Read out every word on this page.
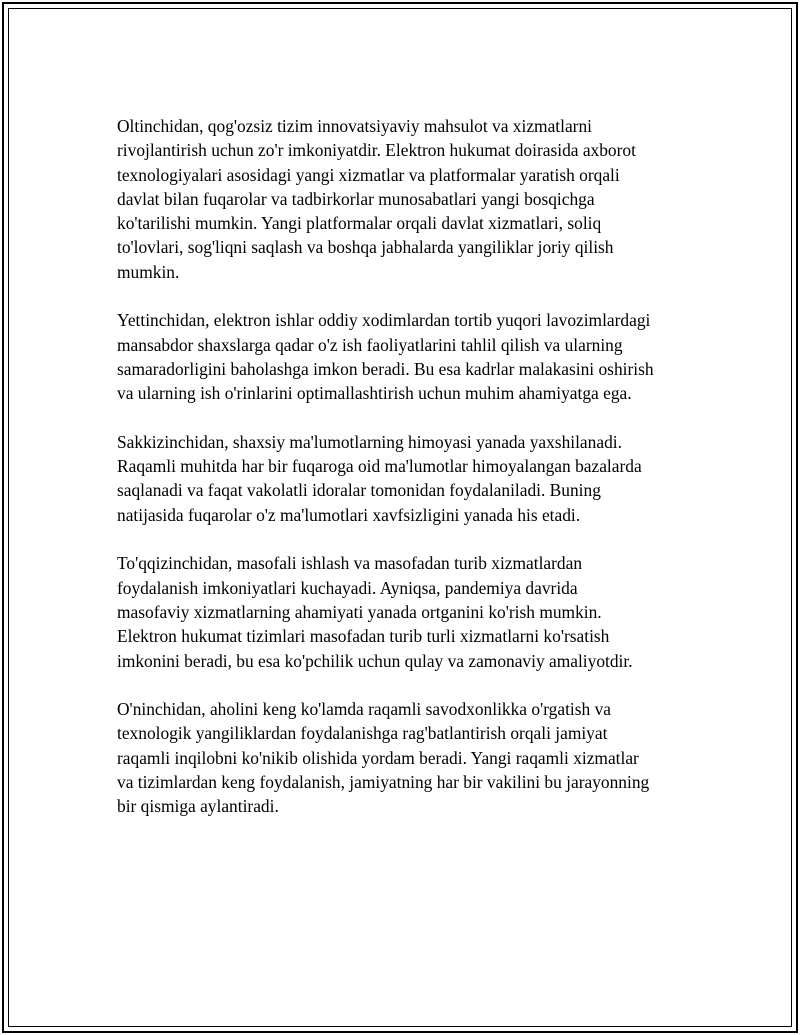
Oltinchidan, qog'ozsiz tizim innovatsiyaviy mahsulot va xizmatlarni
rivojlantirish uchun zo'r imkoniyatdir. Elektron hukumat doirasida axborot
texnologiyalari asosidagi yangi xizmatlar va platformalar yaratish orqali
davlat bilan fuqarolar va tadbirkorlar munosabatlari yangi bosqichga
ko'tarilishi mumkin. Yangi platformalar orqali davlat xizmatlari, soliq
to'lovlari, sog'liqni saqlash va boshqa jabhalarda yangiliklar joriy qilish
mumkin.

Yettinchidan, elektron ishlar oddiy xodimlardan tortib yuqori lavozimlardagi
mansabdor shaxslarga qadar o'z ish faoliyatlarini tahlil qilish va ularning
samaradorligini baholashga imkon beradi. Bu esa kadrlar malakasini oshirish
va ularning ish o'rinlarini optimallashtirish uchun muhim ahamiyatga ega.

Sakkizinchidan, shaxsiy ma'lumotlarning himoyasi yanada yaxshilanadi.
Raqamli muhitda har bir fuqaroga oid ma'lumotlar himoyalangan bazalarda
saqlanadi va faqat vakolatli idoralar tomonidan foydalaniladi. Buning
natijasida fuqarolar o'z ma'lumotlari xavfsizligini yanada his etadi.

To'qqizinchidan, masofali ishlash va masofadan turib xizmatlardan
foydalanish imkoniyatlari kuchayadi. Ayniqsa, pandemiya davrida
masofaviy xizmatlarning ahamiyati yanada ortganini ko'rish mumkin.
Elektron hukumat tizimlari masofadan turib turli xizmatlarni ko'rsatish
imkonini beradi, bu esa ko'pchilik uchun qulay va zamonaviy amaliyotdir.

O'ninchidan, aholini keng ko'lamda raqamli savodxonlikka o'rgatish va
texnologik yangiliklardan foydalanishga rag'batlantirish orqali jamiyat
raqamli inqilobni ko'nikib olishida yordam beradi. Yangi raqamli xizmatlar
va tizimlardan keng foydalanish, jamiyatning har bir vakilini bu jarayonning
bir qismiga aylantiradi.
